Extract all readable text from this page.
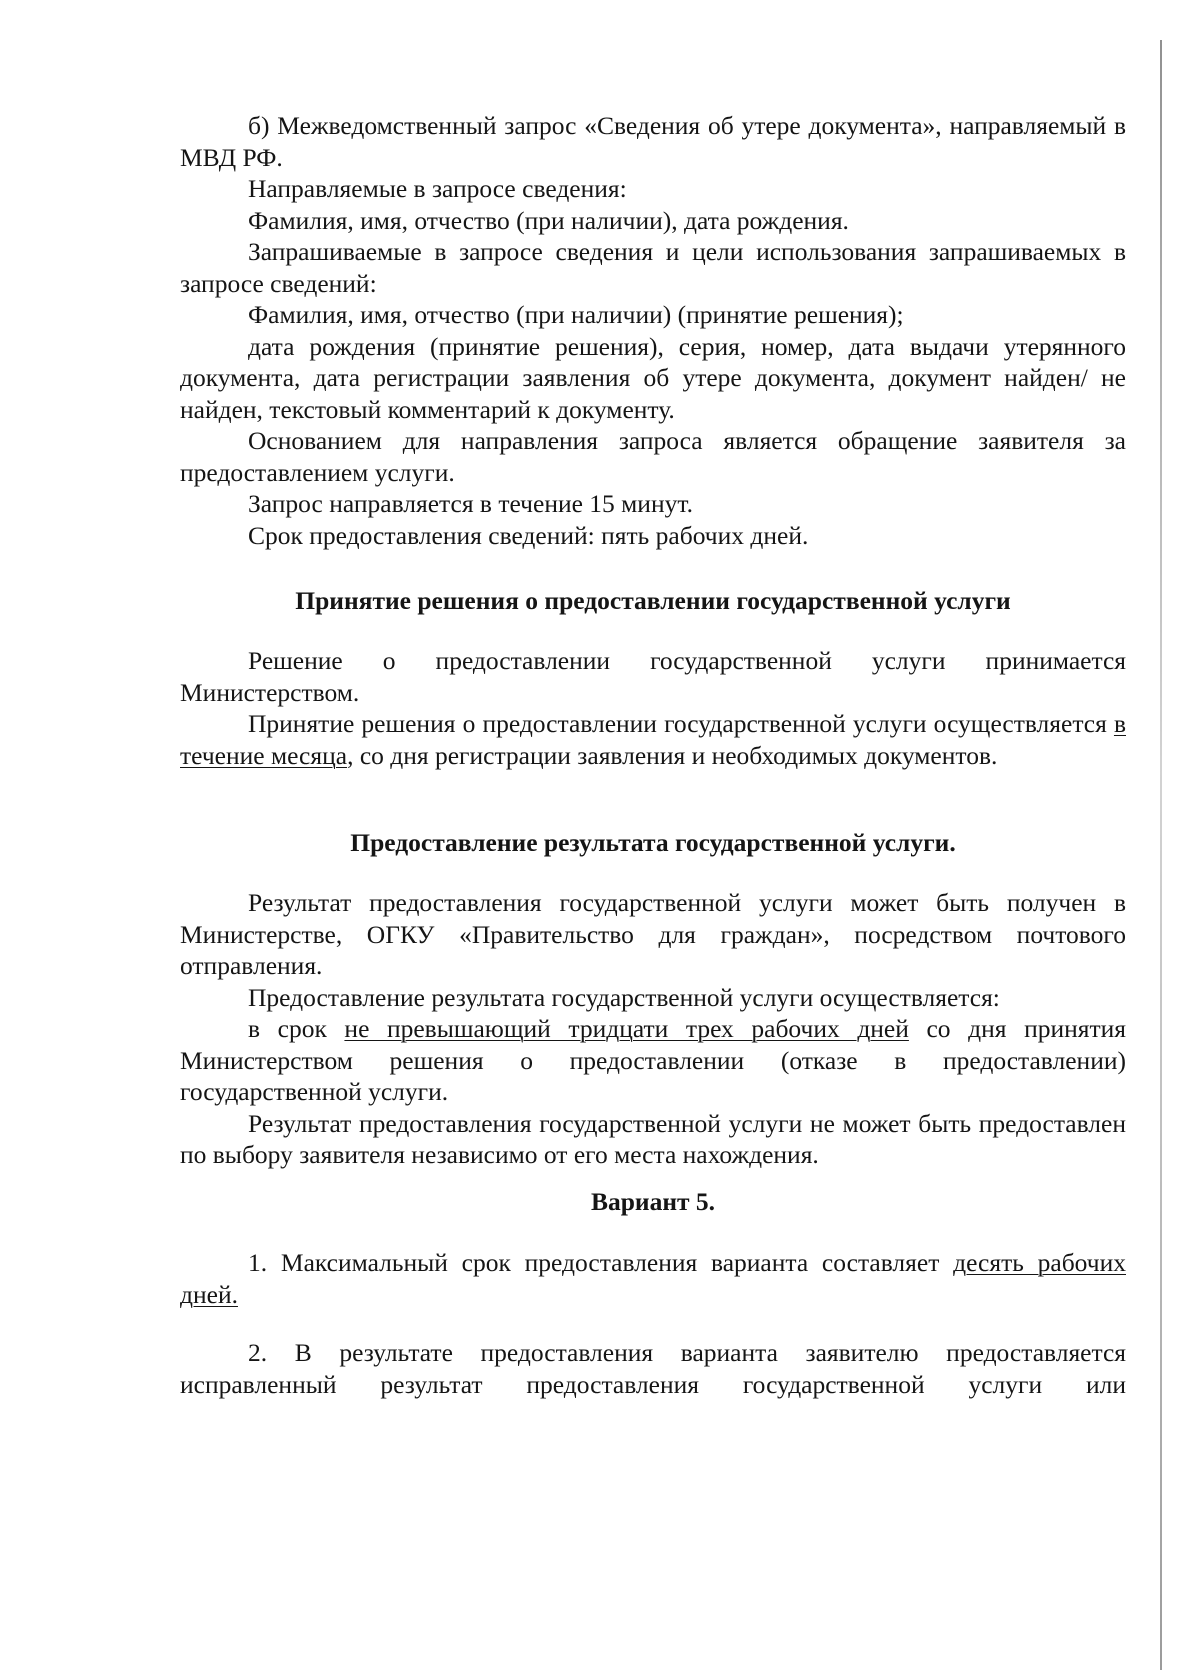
б) Межведомственный запрос «Сведения об утере документа», направляемый в МВД РФ.

Направляемые в запросе сведения:

Фамилия, имя, отчество (при наличии), дата рождения.

Запрашиваемые в запросе сведения и цели использования запрашиваемых в запросе сведений:

Фамилия, имя, отчество (при наличии) (принятие решения);

дата рождения (принятие решения), серия, номер, дата выдачи утерянного документа, дата регистрации заявления об утере документа, документ найден/ не найден, текстовый комментарий к документу.

Основанием для направления запроса является обращение заявителя за предоставлением услуги.

Запрос направляется в течение 15 минут.

Срок предоставления сведений: пять рабочих дней.

Принятие решения о предоставлении государственной услуги

Решение о предоставлении государственной услуги принимается Министерством.

Принятие решения о предоставлении государственной услуги осуществляется в течение месяца, со дня регистрации заявления и необходимых документов.

Предоставление результата государственной услуги.

Результат предоставления государственной услуги может быть получен в Министерстве, ОГКУ «Правительство для граждан», посредством почтового отправления.

Предоставление результата государственной услуги осуществляется:

в срок не превышающий тридцати трех рабочих дней со дня принятия Министерством решения о предоставлении (отказе в предоставлении) государственной услуги.

Результат предоставления государственной услуги не может быть предоставлен по выбору заявителя независимо от его места нахождения.

Вариант 5.

1. Максимальный срок предоставления варианта составляет десять рабочих дней.

2. В результате предоставления варианта заявителю предоставляется исправленный результат предоставления государственной услуги или
